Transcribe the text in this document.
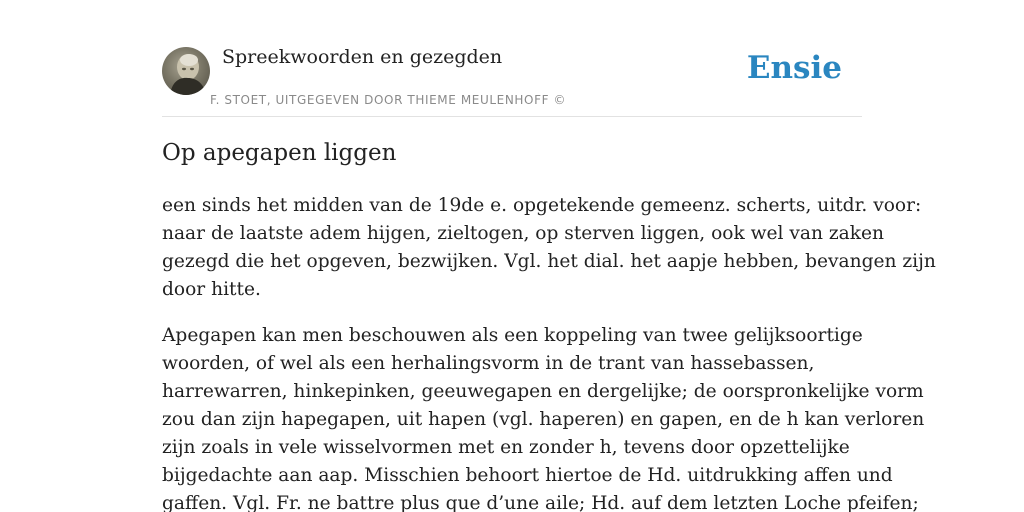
Spreekwoorden en gezegden
F. STOET, UITGEGEVEN DOOR THIEME MEULENHOFF ©
Ensie
Op apegapen liggen

een sinds het midden van de 19de e. opgetekende gemeenz. scherts, uitdr. voor:
naar de laatste adem hijgen, zieltogen, op sterven liggen, ook wel van zaken
gezegd die het opgeven, bezwijken. Vgl. het dial. het aapje hebben, bevangen zijn
door hitte.

Apegapen kan men beschouwen als een koppeling van twee gelijksoortige
woorden, of wel als een herhalingsvorm in de trant van hassebassen,
harrewarren, hinkepinken, geeuwegapen en dergelijke; de oorspronkelijke vorm
zou dan zijn hapegapen, uit hapen (vgl. haperen) en gapen, en de h kan verloren
zijn zoals in vele wisselvormen met en zonder h, tevens door opzettelijke
bijgedachte aan aap. Misschien behoort hiertoe de Hd. uitdrukking affen und
gaffen. Vgl. Fr. ne battre plus que d’une aile; Hd. auf dem letzten Loche pfeifen;
